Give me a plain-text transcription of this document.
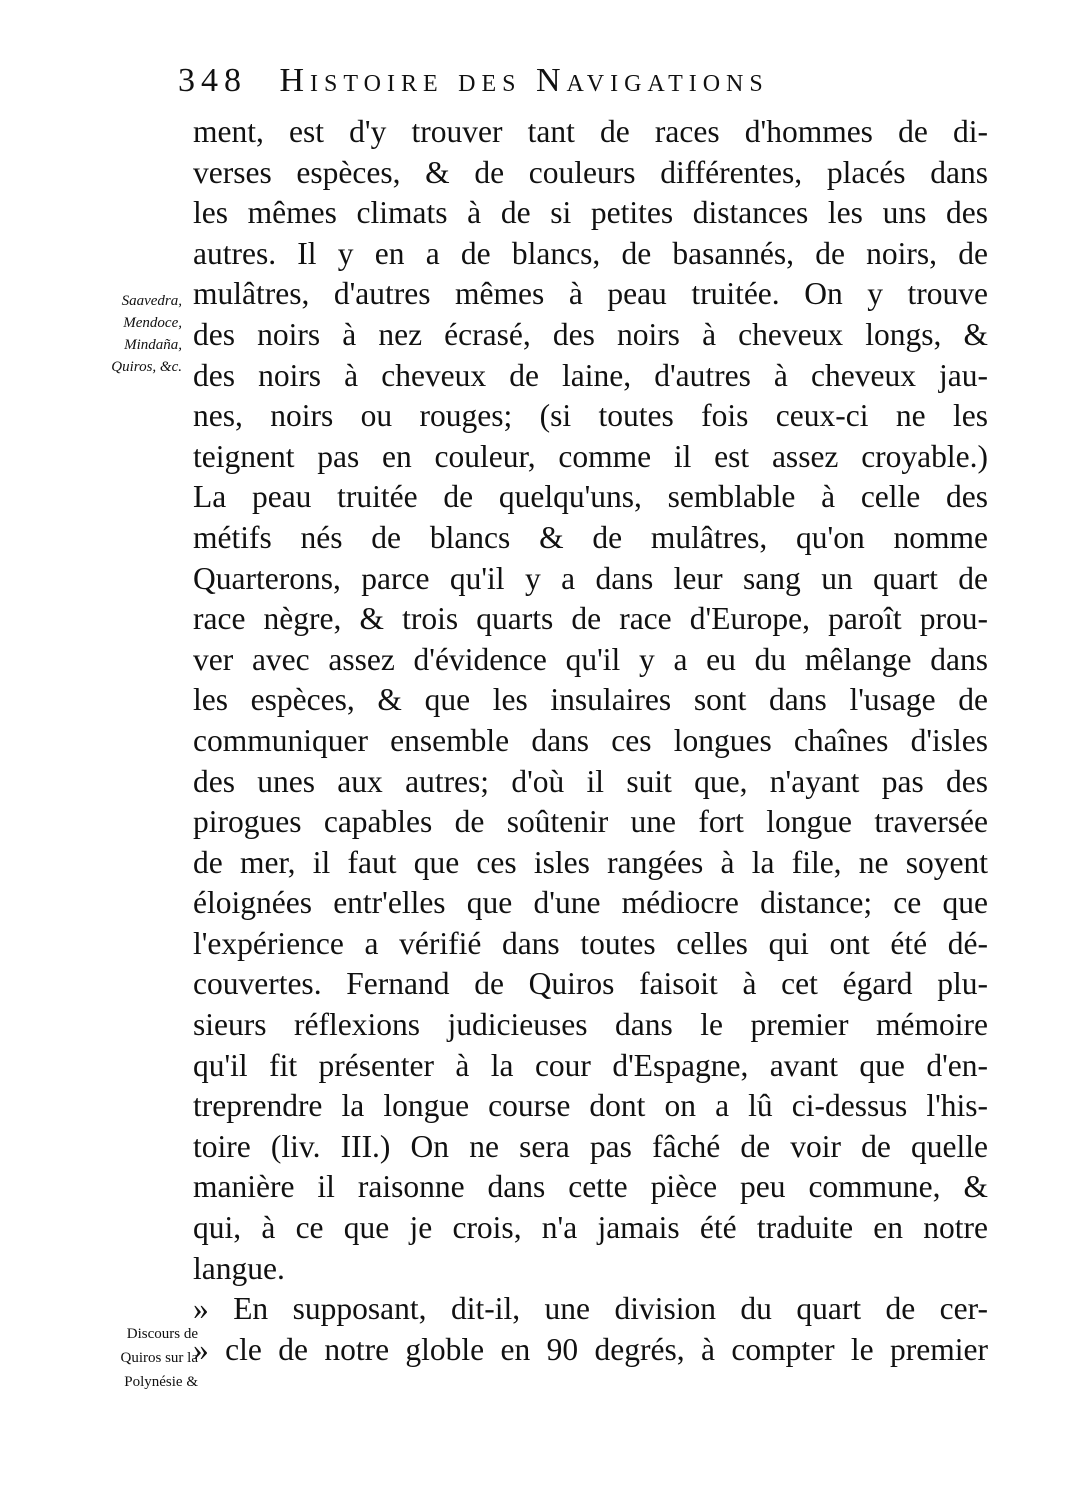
348 Histoire des Navigations
Saavedra,
Mendoce,
Mindaña,
Quiros, &c.
Discours de
Quiros sur la
Polynésie &
ment, est d'y trouver tant de races d'hommes de di-
verses espèces, & de couleurs différentes, placés dans
les mêmes climats à de si petites distances les uns des
autres. Il y en a de blancs, de basannés, de noirs, de
mulâtres, d'autres mêmes à peau truitée. On y trouve
des noirs à nez écrasé, des noirs à cheveux longs, &
des noirs à cheveux de laine, d'autres à cheveux jau-
nes, noirs ou rouges; (si toutes fois ceux-ci ne les
teignent pas en couleur, comme il est assez croyable.)
La peau truitée de quelqu'uns, semblable à celle des
métifs nés de blancs & de mulâtres, qu'on nomme
Quarterons, parce qu'il y a dans leur sang un quart de
race nègre, & trois quarts de race d'Europe, paroît prou-
ver avec assez d'évidence qu'il y a eu du mêlange dans
les espèces, & que les insulaires sont dans l'usage de
communiquer ensemble dans ces longues chaînes d'isles
des unes aux autres; d'où il suit que, n'ayant pas des
pirogues capables de soûtenir une fort longue traversée
de mer, il faut que ces isles rangées à la file, ne soyent
éloignées entr'elles que d'une médiocre distance; ce que
l'expérience a vérifié dans toutes celles qui ont été dé-
couvertes. Fernand de Quiros faisoit à cet égard plu-
sieurs réflexions judicieuses dans le premier mémoire
qu'il fit présenter à la cour d'Espagne, avant que d'en-
treprendre la longue course dont on a lû ci-dessus l'his-
toire (liv. III.) On ne sera pas fâché de voir de quelle
manière il raisonne dans cette pièce peu commune, &
qui, à ce que je crois, n'a jamais été traduite en notre
langue.
» En supposant, dit-il, une division du quart de cer-
» cle de notre globle en 90 degrés, à compter le premier
